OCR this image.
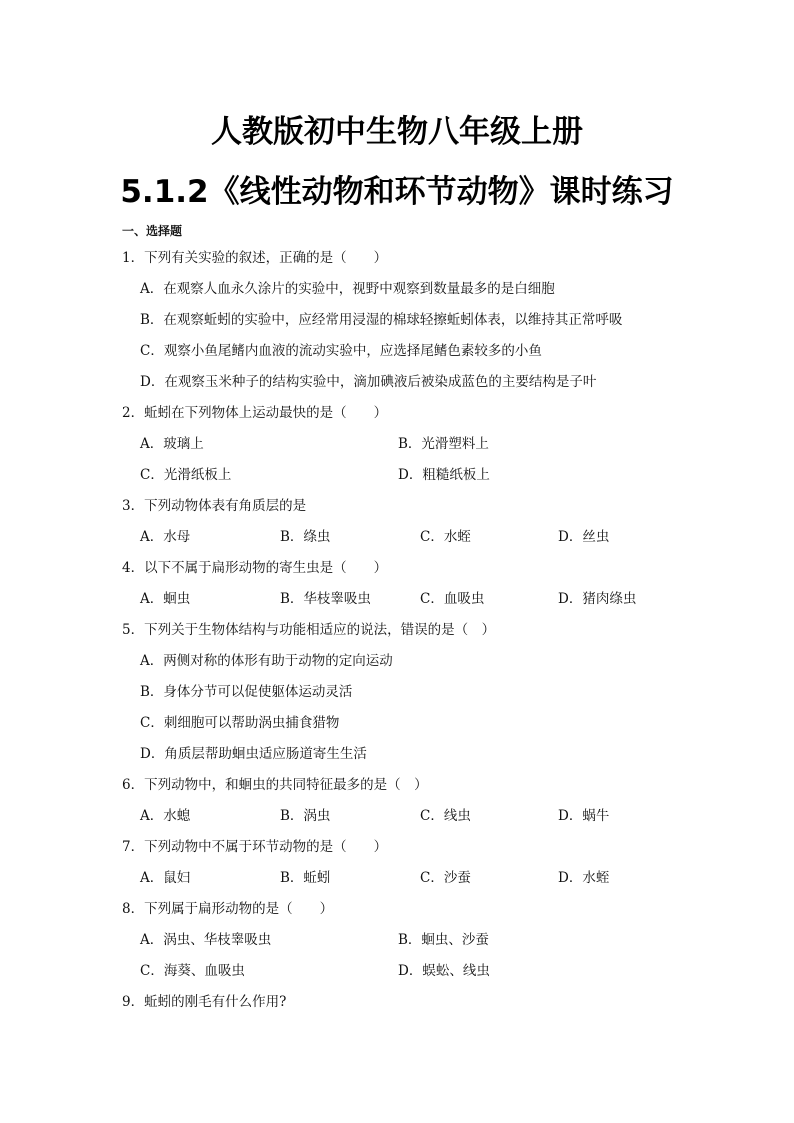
人教版初中生物八年级上册
5.1.2《线性动物和环节动物》课时练习
一、选择题
1．下列有关实验的叙述，正确的是（　　）
A．在观察人血永久涂片的实验中，视野中观察到数量最多的是白细胞
B．在观察蚯蚓的实验中，应经常用浸湿的棉球轻擦蚯蚓体表，以维持其正常呼吸
C．观察小鱼尾鳍内血液的流动实验中，应选择尾鳍色素较多的小鱼
D．在观察玉米种子的结构实验中，滴加碘液后被染成蓝色的主要结构是子叶
2．蚯蚓在下列物体上运动最快的是（　　）
A．玻璃上	B．光滑塑料上
C．光滑纸板上	D．粗糙纸板上
3．下列动物体表有角质层的是
A．水母	B．绦虫	C．水蛭	D．丝虫
4．以下不属于扁形动物的寄生虫是（　　）
A．蛔虫	B．华枝睾吸虫	C．血吸虫	D．猪肉绦虫
5．下列关于生物体结构与功能相适应的说法，错误的是（　）
A．两侧对称的体形有助于动物的定向运动
B．身体分节可以促使躯体运动灵活
C．刺细胞可以帮助涡虫捕食猎物
D．角质层帮助蛔虫适应肠道寄生生活
6．下列动物中，和蛔虫的共同特征最多的是（　）
A．水螅	B．涡虫	C．线虫	D．蜗牛
7．下列动物中不属于环节动物的是（　　）
A．鼠妇	B．蚯蚓	C．沙蚕	D．水蛭
8．下列属于扁形动物的是（　　）
A．涡虫、华枝睾吸虫	B．蛔虫、沙蚕
C．海葵、血吸虫	D．蜈蚣、线虫
9．蚯蚓的刚毛有什么作用?
